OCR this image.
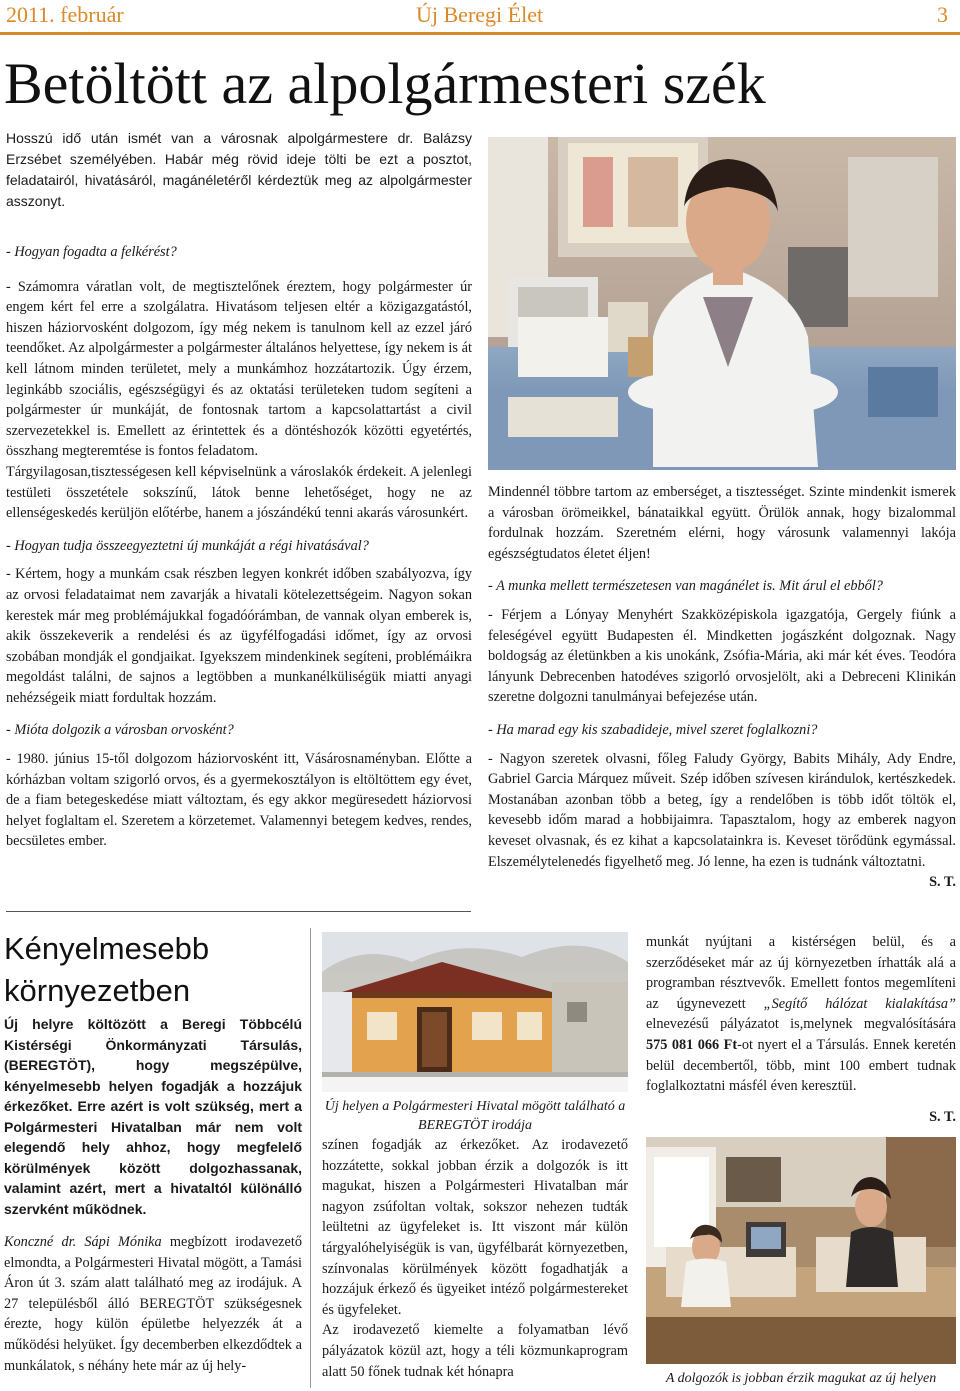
2011. február	Új Beregi Élet	3
Betöltött az alpolgármesteri szék

Hosszú idő után ismét van a városnak alpolgármestere dr. Balázsy Erzsébet személyében. Habár még rövid ideje tölti be ezt a posztot, feladatairól, hivatásáról, magánéletéről kérdeztük meg az alpolgármester asszonyt.

- Hogyan fogadta a felkérést?

- Számomra váratlan volt, de megtisztelőnek éreztem, hogy polgármester úr engem kért fel erre a szolgálatra. Hivatásom teljesen eltér a közigazgatástól, hiszen háziorvosként dolgozom, így még nekem is tanulnom kell az ezzel járó teendőket. Az alpolgármester a polgármester általános helyettese, így nekem is át kell látnom minden területet, mely a munkámhoz hozzátartozik. Úgy érzem, leginkább szociális, egészségügyi és az oktatási területeken tudom segíteni a polgármester úr munkáját, de fontosnak tartom a kapcsolattartást a civil szervezetekkel is. Emellett az érintettek és a döntéshozók közötti egyetértés, összhang megteremtése is fontos feladatom.

Tárgyilagosan,tisztességesen kell képviselnünk a városlakók érdekeit. A jelenlegi testületi összetétele sokszínű, látok benne lehetőséget, hogy ne az ellenségeskedés kerüljön előtérbe, hanem a jószándékú tenni akarás városunkért.

- Hogyan tudja összeegyeztetni új munkáját a régi hivatásával?

- Kértem, hogy a munkám csak részben legyen konkrét időben szabályozva, így az orvosi feladataimat nem zavarják a hivatali kötelezettségeim. Nagyon sokan kerestek már meg problémájukkal fogadóórámban, de vannak olyan emberek is, akik összekeverik a rendelési és az ügyfélfogadási időmet, így az orvosi szobában mondják el gondjaikat. Igyekszem mindenkinek segíteni, problémáikra megoldást találni, de sajnos a legtöbben a munkanélküliségük miatti anyagi nehézségeik miatt fordultak hozzám.

- Mióta dolgozik a városban orvosként?

- 1980. június 15-től dolgozom háziorvosként itt, Vásárosnaményban. Előtte a kórházban voltam szigorló orvos, és a gyermekosztályon is eltöltöttem egy évet, de a fiam betegeskedése miatt változtam, és egy akkor megüresedett háziorvosi helyet foglaltam el. Szeretem a körzetemet. Valamennyi betegem kedves, rendes, becsületes ember.

Mindennél többre tartom az emberséget, a tisztességet. Szinte mindenkit ismerek a városban örömeikkel, bánataikkal együtt. Örülök annak, hogy bizalommal fordulnak hozzám. Szeretném elérni, hogy városunk valamennyi lakója egészségtudatos életet éljen!

- A munka mellett természetesen van magánélet is. Mit árul el ebből?

- Férjem a Lónyay Menyhért Szakközépiskola igazgatója, Gergely fiúnk a feleségével együtt Budapesten él. Mindketten jogászként dolgoznak. Nagy boldogság az életünkben a kis unokánk, Zsófia-Mária, aki már két éves. Teodóra lányunk Debrecenben hatodéves szigorló orvosjelölt, aki a Debreceni Klinikán szeretne dolgozni tanulmányai befejezése után.

- Ha marad egy kis szabadideje, mivel szeret foglalkozni?

- Nagyon szeretek olvasni, főleg Faludy György, Babits Mihály, Ady Endre, Gabriel Garcia Márquez műveit. Szép időben szívesen kirándulok, kertészkedek. Mostanában azonban több a beteg, így a rendelőben is több időt töltök el, kevesebb időm marad a hobbijaimra. Tapasztalom, hogy az emberek nagyon keveset olvasnak, és ez kihat a kapcsolatainkra is. Keveset törődünk egymással. Elszemélytelenedés figyelhető meg. Jó lenne, ha ezen is tudnánk változtatni.

S. T.

Kényelmesebb környezetben
Új helyre költözött a Beregi Többcélú Kistérségi Önkormányzati Társulás, (BEREGTÖT), hogy megszépülve, kényelmesebb helyen fogadják a hozzájuk érkezőket. Erre azért is volt szükség, mert a Polgármesteri Hivatalban már nem volt elegendő hely ahhoz, hogy megfelelő körülmények között dolgozhassanak, valamint azért, mert a hivataltól különálló szervként működnek.

Konczné dr. Sápi Mónika megbízott irodavezető elmondta, a Polgármesteri Hivatal mögött, a Tamási Áron út 3. szám alatt található meg az irodájuk. A 27 településből álló BEREGTÖT szükségesnek érezte, hogy külön épületbe helyezzék át a működési helyüket. Így decemberben elkezdődtek a munkálatok, s néhány hete már az új hely-

Új helyen a Polgármesteri Hivatal mögött található a BEREGTÖT irodája

színen fogadják az érkezőket. Az irodavezető hozzátette, sokkal jobban érzik a dolgozók is itt magukat, hiszen a Polgármesteri Hivatalban már nagyon zsúfoltan voltak, sokszor nehezen tudták leültetni az ügyfeleket is. Itt viszont már külön tárgyalóhelyiségük is van, ügyfélbarát környezetben, színvonalas körülmények között fogadhatják a hozzájuk érkező és ügyeiket intéző polgármestereket és ügyfeleket.

Az irodavezető kiemelte a folyamatban lévő pályázatok közül azt, hogy a téli közmunkaprogram alatt 50 főnek tudnak két hónapra

munkát nyújtani a kistérségen belül, és a szerződéseket már az új környezetben írhatták alá a programban résztvevők. Emellett fontos megemlíteni az úgynevezett „Segítő hálózat kialakítása” elnevezésű pályázatot is,melynek megvalósítására 575 081 066 Ft-ot nyert el a Társulás. Ennek keretén belül decembertől, több, mint 100 embert tudnak foglalkoztatni másfél éven keresztül.

S. T.

A dolgozók is jobban érzik magukat az új helyen
